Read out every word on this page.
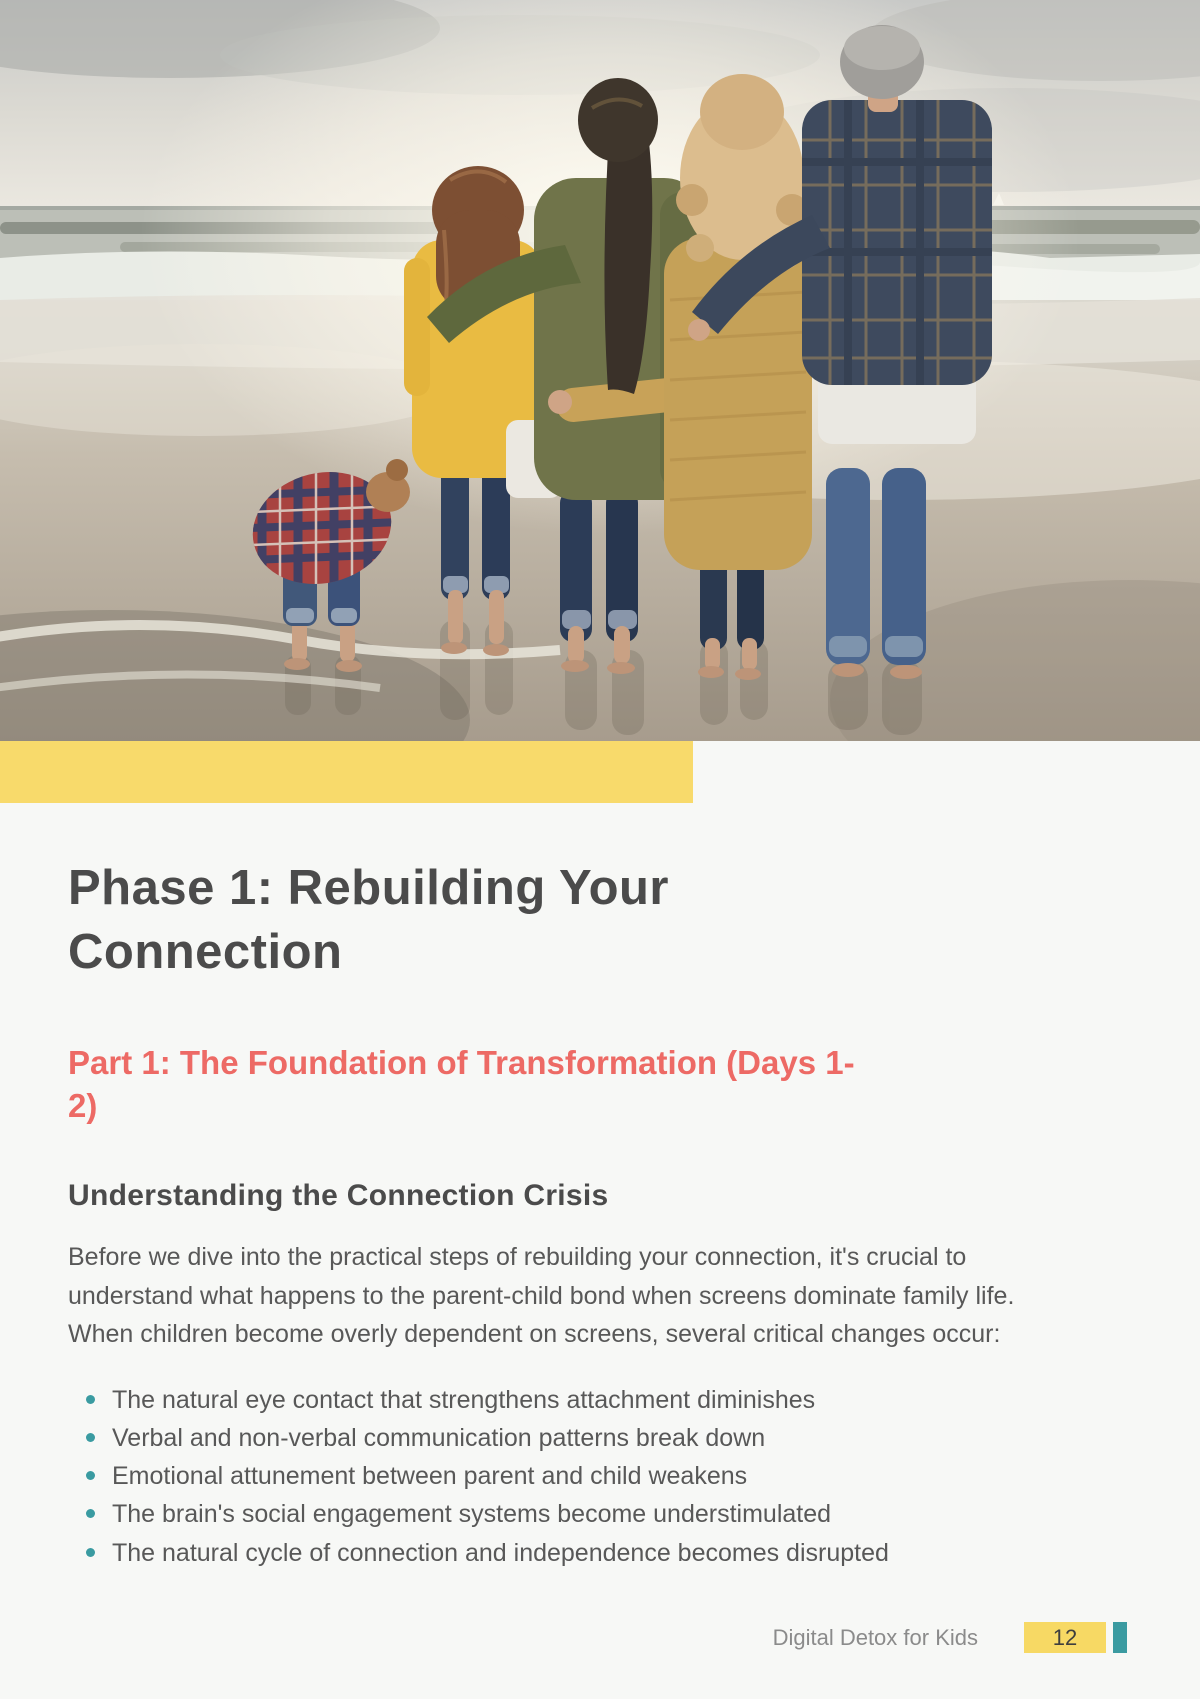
Phase 1: Rebuilding Your
Connection
Part 1: The Foundation of Transformation (Days 1-
2)
Understanding the Connection Crisis

Before we dive into the practical steps of rebuilding your connection, it's crucial to understand what happens to the parent-child bond when screens dominate family life. When children become overly dependent on screens, several critical changes occur:

The natural eye contact that strengthens attachment diminishes
Verbal and non-verbal communication patterns break down
Emotional attunement between parent and child weakens
The brain's social engagement systems become understimulated
The natural cycle of connection and independence becomes disrupted
Digital Detox for Kids	12
